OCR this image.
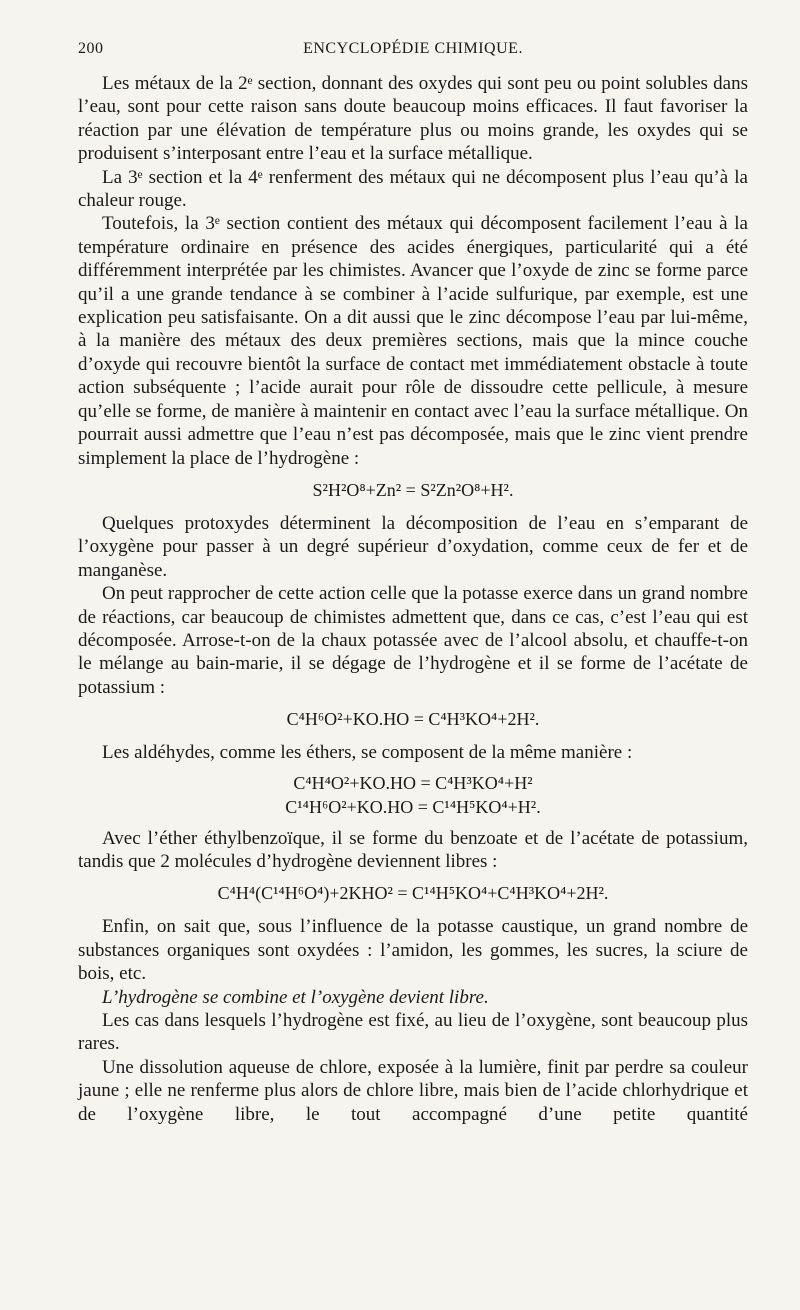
200	ENCYCLOPÉDIE CHIMIQUE.

Les métaux de la 2ᵉ section, donnant des oxydes qui sont peu ou point solubles dans l’eau, sont pour cette raison sans doute beaucoup moins efficaces. Il faut favoriser la réaction par une élévation de température plus ou moins grande, les oxydes qui se produisent s’interposant entre l’eau et la surface métallique.

La 3ᵉ section et la 4ᵉ renferment des métaux qui ne décomposent plus l’eau qu’à la chaleur rouge.

Toutefois, la 3ᵉ section contient des métaux qui décomposent facilement l’eau à la température ordinaire en présence des acides énergiques, particularité qui a été différemment interprétée par les chimistes. Avancer que l’oxyde de zinc se forme parce qu’il a une grande tendance à se combiner à l’acide sulfurique, par exemple, est une explication peu satisfaisante. On a dit aussi que le zinc décompose l’eau par lui-même, à la manière des métaux des deux premières sections, mais que la mince couche d’oxyde qui recouvre bientôt la surface de contact met immédiatement obstacle à toute action subséquente ; l’acide aurait pour rôle de dissoudre cette pellicule, à mesure qu’elle se forme, de manière à maintenir en contact avec l’eau la surface métallique. On pourrait aussi admettre que l’eau n’est pas décomposée, mais que le zinc vient prendre simplement la place de l’hydrogène :

S²H²O⁸+Zn² = S²Zn²O⁸+H².

Quelques protoxydes déterminent la décomposition de l’eau en s’emparant de l’oxygène pour passer à un degré supérieur d’oxydation, comme ceux de fer et de manganèse.

On peut rapprocher de cette action celle que la potasse exerce dans un grand nombre de réactions, car beaucoup de chimistes admettent que, dans ce cas, c’est l’eau qui est décomposée. Arrose-t-on de la chaux potassée avec de l’alcool absolu, et chauffe-t-on le mélange au bain-marie, il se dégage de l’hydrogène et il se forme de l’acétate de potassium :

C⁴H⁶O²+KO.HO = C⁴H³KO⁴+2H².

Les aldéhydes, comme les éthers, se composent de la même manière :

C⁴H⁴O²+KO.HO = C⁴H³KO⁴+H²
C¹⁴H⁶O²+KO.HO = C¹⁴H⁵KO⁴+H².

Avec l’éther éthylbenzoïque, il se forme du benzoate et de l’acétate de potassium, tandis que 2 molécules d’hydrogène deviennent libres :

C⁴H⁴(C¹⁴H⁶O⁴)+2KHO² = C¹⁴H⁵KO⁴+C⁴H³KO⁴+2H².

Enfin, on sait que, sous l’influence de la potasse caustique, un grand nombre de substances organiques sont oxydées : l’amidon, les gommes, les sucres, la sciure de bois, etc.

L’hydrogène se combine et l’oxygène devient libre.

Les cas dans lesquels l’hydrogène est fixé, au lieu de l’oxygène, sont beaucoup plus rares.

Une dissolution aqueuse de chlore, exposée à la lumière, finit par perdre sa couleur jaune ; elle ne renferme plus alors de chlore libre, mais bien de l’acide chlorhydrique et de l’oxygène libre, le tout accompagné d’une petite quantité
